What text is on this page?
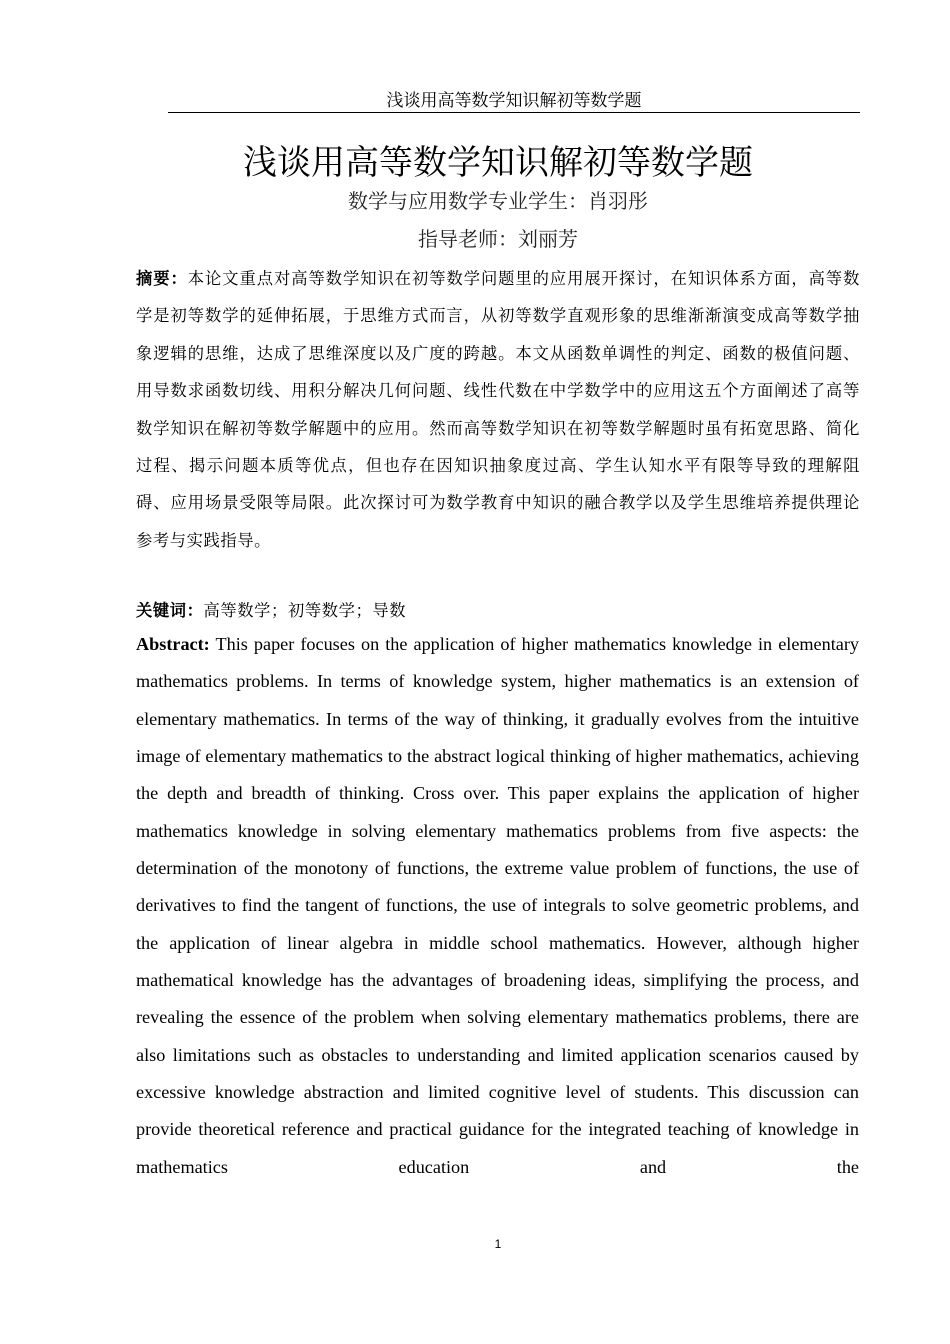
浅谈用高等数学知识解初等数学题
浅谈用高等数学知识解初等数学题
数学与应用数学专业学生：肖羽彤
指导老师：刘丽芳
摘要：本论文重点对高等数学知识在初等数学问题里的应用展开探讨，在知识体系方面，高等数学是初等数学的延伸拓展，于思维方式而言，从初等数学直观形象的思维渐渐演变成高等数学抽象逻辑的思维，达成了思维深度以及广度的跨越。本文从函数单调性的判定、函数的极值问题、用导数求函数切线、用积分解决几何问题、线性代数在中学数学中的应用这五个方面阐述了高等数学知识在解初等数学解题中的应用。然而高等数学知识在初等数学解题时虽有拓宽思路、简化过程、揭示问题本质等优点，但也存在因知识抽象度过高、学生认知水平有限等导致的理解阻碍、应用场景受限等局限。此次探讨可为数学教育中知识的融合教学以及学生思维培养提供理论参考与实践指导。
关键词：高等数学；初等数学；导数
Abstract: This paper focuses on the application of higher mathematics knowledge in elementary mathematics problems. In terms of knowledge system, higher mathematics is an extension of elementary mathematics. In terms of the way of thinking, it gradually evolves from the intuitive image of elementary mathematics to the abstract logical thinking of higher mathematics, achieving the depth and breadth of thinking. Cross over. This paper explains the application of higher mathematics knowledge in solving elementary mathematics problems from five aspects: the determination of the monotony of functions, the extreme value problem of functions, the use of derivatives to find the tangent of functions, the use of integrals to solve geometric problems, and the application of linear algebra in middle school mathematics. However, although higher mathematical knowledge has the advantages of broadening ideas, simplifying the process, and revealing the essence of the problem when solving elementary mathematics problems, there are also limitations such as obstacles to understanding and limited application scenarios caused by excessive knowledge abstraction and limited cognitive level of students. This discussion can provide theoretical reference and practical guidance for the integrated teaching of knowledge in mathematics education and the
1
